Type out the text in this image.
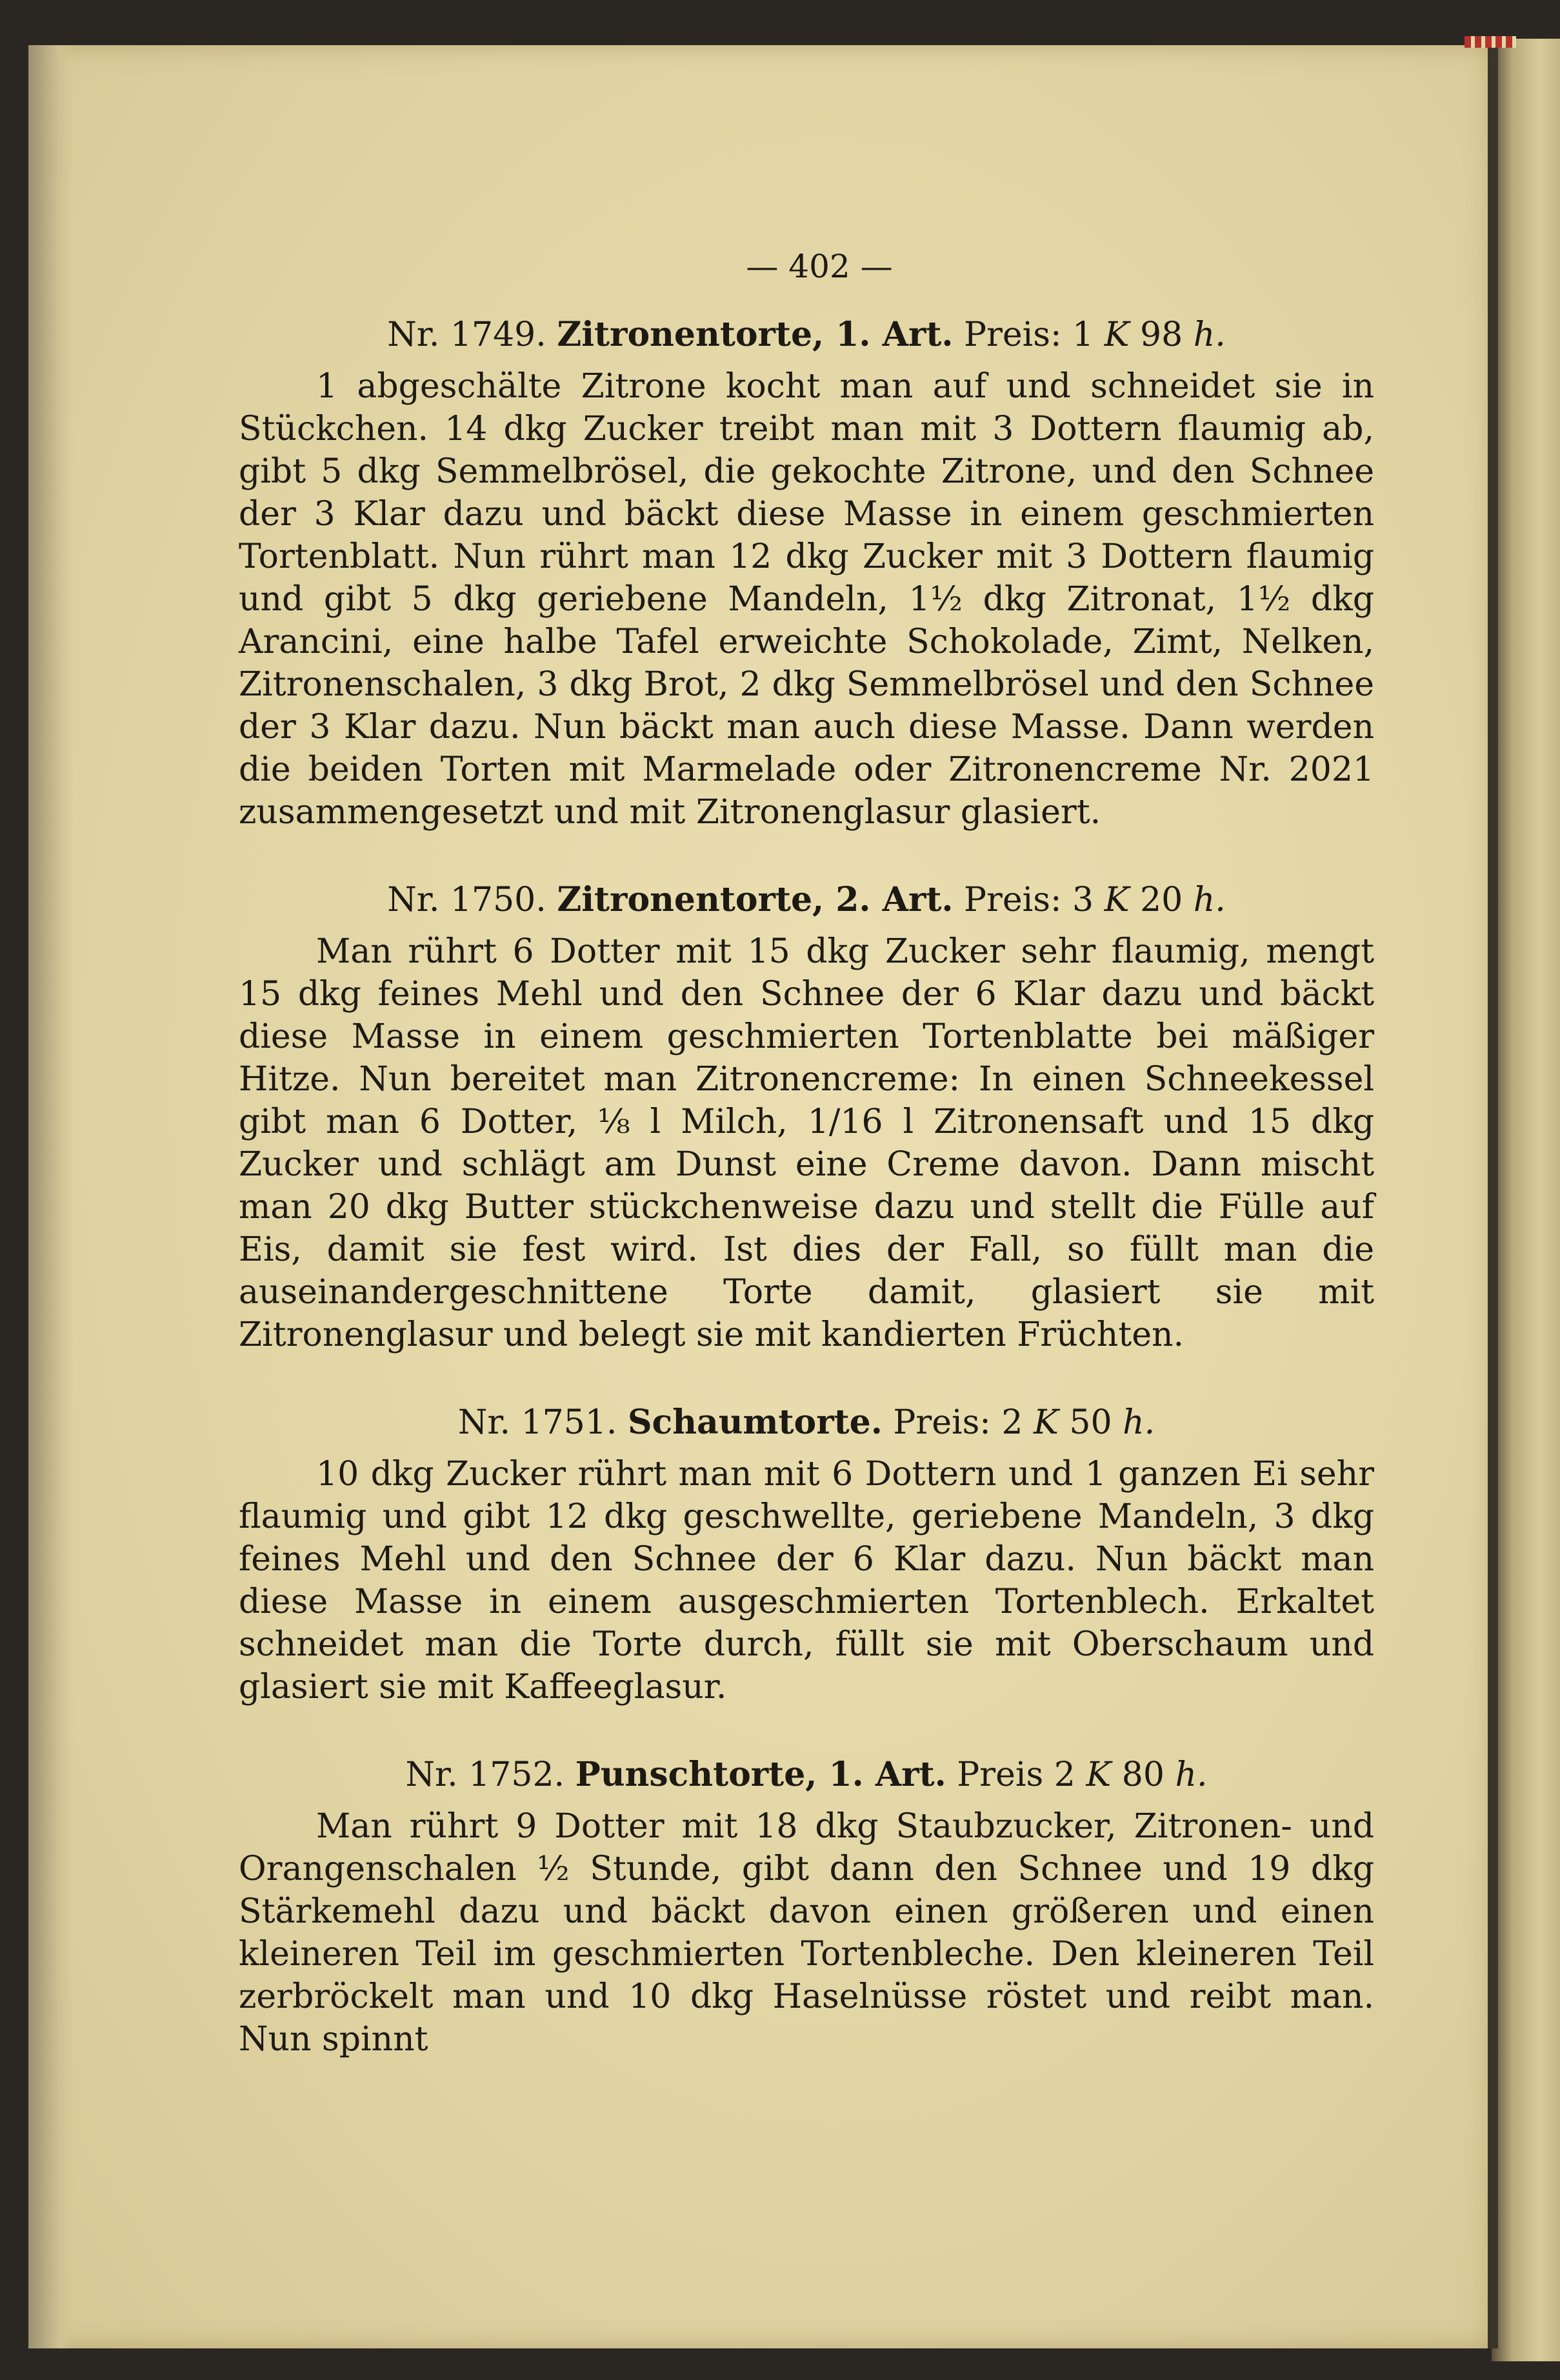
— 402 —
Nr. 1749. Zitronentorte, 1. Art. Preis: 1 K 98 h.

1 abgeschälte Zitrone kocht man auf und schneidet sie in Stückchen. 14 dkg Zucker treibt man mit 3 Dottern flaumig ab, gibt 5 dkg Semmelbrösel, die gekochte Zitrone, und den Schnee der 3 Klar dazu und bäckt diese Masse in einem geschmierten Tortenblatt. Nun rührt man 12 dkg Zucker mit 3 Dottern flaumig und gibt 5 dkg geriebene Mandeln, 1½ dkg Zitronat, 1½ dkg Arancini, eine halbe Tafel erweichte Schokolade, Zimt, Nelken, Zitronenschalen, 3 dkg Brot, 2 dkg Semmelbrösel und den Schnee der 3 Klar dazu. Nun bäckt man auch diese Masse. Dann werden die beiden Torten mit Marmelade oder Zitronencreme Nr. 2021 zusammengesetzt und mit Zitronenglasur glasiert.

Nr. 1750. Zitronentorte, 2. Art. Preis: 3 K 20 h.

Man rührt 6 Dotter mit 15 dkg Zucker sehr flaumig, mengt 15 dkg feines Mehl und den Schnee der 6 Klar dazu und bäckt diese Masse in einem geschmierten Tortenblatte bei mäßiger Hitze. Nun bereitet man Zitronencreme: In einen Schneekessel gibt man 6 Dotter, ⅛ l Milch, 1/16 l Zitronensaft und 15 dkg Zucker und schlägt am Dunst eine Creme davon. Dann mischt man 20 dkg Butter stückchenweise dazu und stellt die Fülle auf Eis, damit sie fest wird. Ist dies der Fall, so füllt man die auseinandergeschnittene Torte damit, glasiert sie mit Zitronenglasur und belegt sie mit kandierten Früchten.

Nr. 1751. Schaumtorte. Preis: 2 K 50 h.

10 dkg Zucker rührt man mit 6 Dottern und 1 ganzen Ei sehr flaumig und gibt 12 dkg geschwellte, geriebene Mandeln, 3 dkg feines Mehl und den Schnee der 6 Klar dazu. Nun bäckt man diese Masse in einem ausgeschmierten Tortenblech. Erkaltet schneidet man die Torte durch, füllt sie mit Oberschaum und glasiert sie mit Kaffeeglasur.

Nr. 1752. Punschtorte, 1. Art. Preis 2 K 80 h.

Man rührt 9 Dotter mit 18 dkg Staubzucker, Zitronen- und Orangenschalen ½ Stunde, gibt dann den Schnee und 19 dkg Stärkemehl dazu und bäckt davon einen größeren und einen kleineren Teil im geschmierten Tortenbleche. Den kleineren Teil zerbröckelt man und 10 dkg Haselnüsse röstet und reibt man. Nun spinnt
